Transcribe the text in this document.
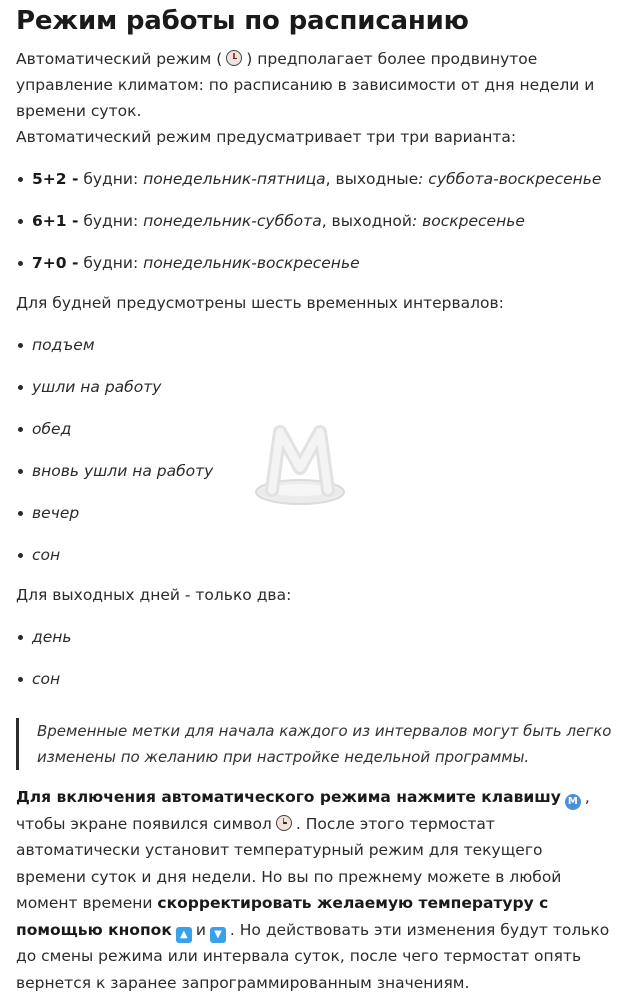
Режим работы по расписанию

Автоматический режим ( ) предполагает более продвинутое управление климатом: по расписанию в зависимости от дня недели и времени суток.

Автоматический режим предусматривает три три варианта:

5+2 - будни: понедельник-пятница, выходные: суббота-воскресенье
6+1 - будни: понедельник-суббота, выходной: воскресенье
7+0 - будни: понедельник-воскресенье

Для будней предусмотрены шесть временных интервалов:

подъем
ушли на работу
обед
вновь ушли на работу
вечер
сон

Для выходных дней - только два:

день
сон
Временные метки для начала каждого из интервалов могут быть легко изменены по желанию при настройке недельной программы.

Для включения автоматического режима нажмите клавишу M , чтобы экране появился символ . После этого термостат автоматически установит температурный режим для текущего времени суток и дня недели. Но вы по прежнему можете в любой момент времени скорректировать желаемую температуру с помощью кнопок ▲ и ▼ . Но действовать эти изменения будут только до смены режима или интервала суток, после чего термостат опять вернется к заранее запрограммированным значениям.
